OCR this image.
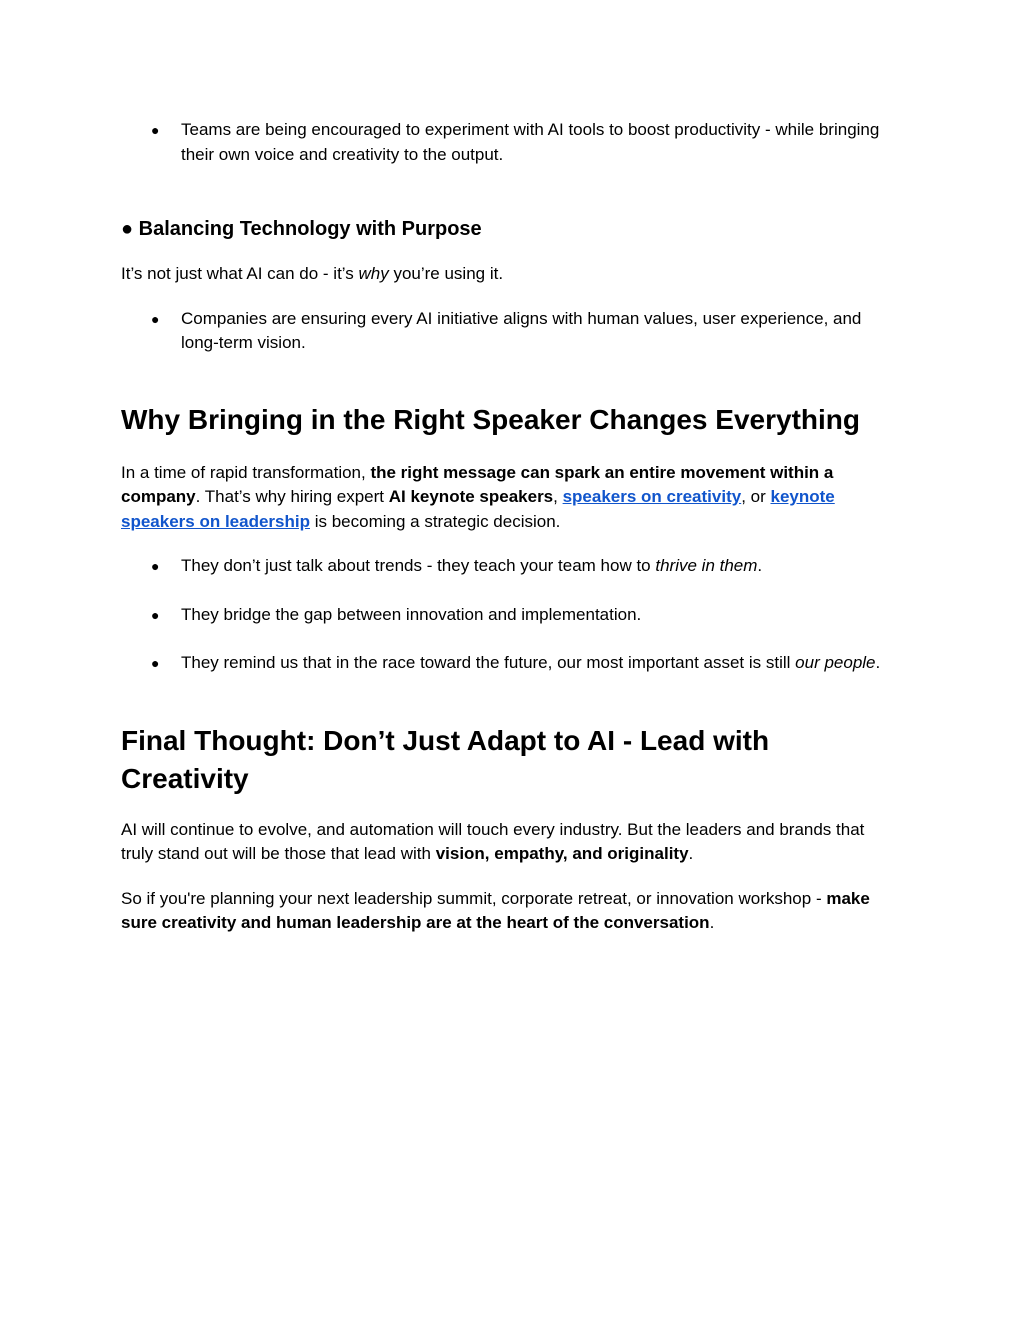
● Teams are being encouraged to experiment with AI tools to boost productivity - while bringing their own voice and creativity to the output.
● Balancing Technology with Purpose

It’s not just what AI can do - it’s why you’re using it.

● Companies are ensuring every AI initiative aligns with human values, user experience, and long-term vision.
Why Bringing in the Right Speaker Changes Everything

In a time of rapid transformation, the right message can spark an entire movement within a company. That’s why hiring expert AI keynote speakers, speakers on creativity, or keynote speakers on leadership is becoming a strategic decision.

● They don’t just talk about trends - they teach your team how to thrive in them.
● They bridge the gap between innovation and implementation.
● They remind us that in the race toward the future, our most important asset is still our people.
Final Thought: Don’t Just Adapt to AI - Lead with Creativity

AI will continue to evolve, and automation will touch every industry. But the leaders and brands that truly stand out will be those that lead with vision, empathy, and originality.

So if you're planning your next leadership summit, corporate retreat, or innovation workshop - make sure creativity and human leadership are at the heart of the conversation.
